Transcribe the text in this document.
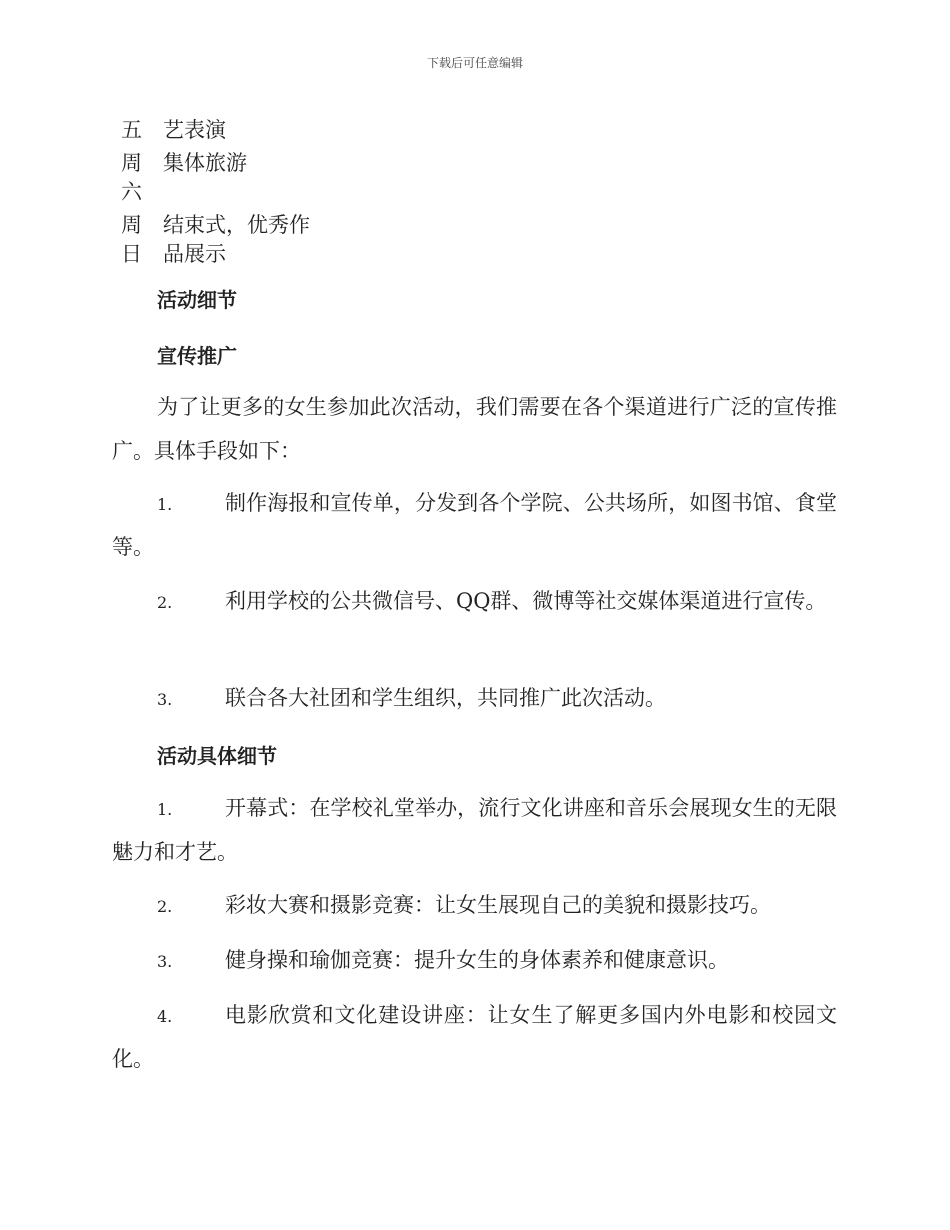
下载后可任意编辑
五 艺表演
周 集体旅游
六
周 结束式，优秀作
日 品展示
活动细节
宣传推广
为了让更多的女生参加此次活动，我们需要在各个渠道进行广泛的宣传推广。具体手段如下：
制作海报和宣传单，分发到各个学院、公共场所，如图书馆、食堂等。
1.
利用学校的公共微信号、QQ群、微博等社交媒体渠道进行宣传。
2.
联合各大社团和学生组织，共同推广此次活动。
3.
活动具体细节
开幕式：在学校礼堂举办，流行文化讲座和音乐会展现女生的无限魅力和才艺。
1.
彩妆大赛和摄影竞赛：让女生展现自己的美貌和摄影技巧。
2.
健身操和瑜伽竞赛：提升女生的身体素养和健康意识。
3.
电影欣赏和文化建设讲座：让女生了解更多国内外电影和校园文化。
4.
